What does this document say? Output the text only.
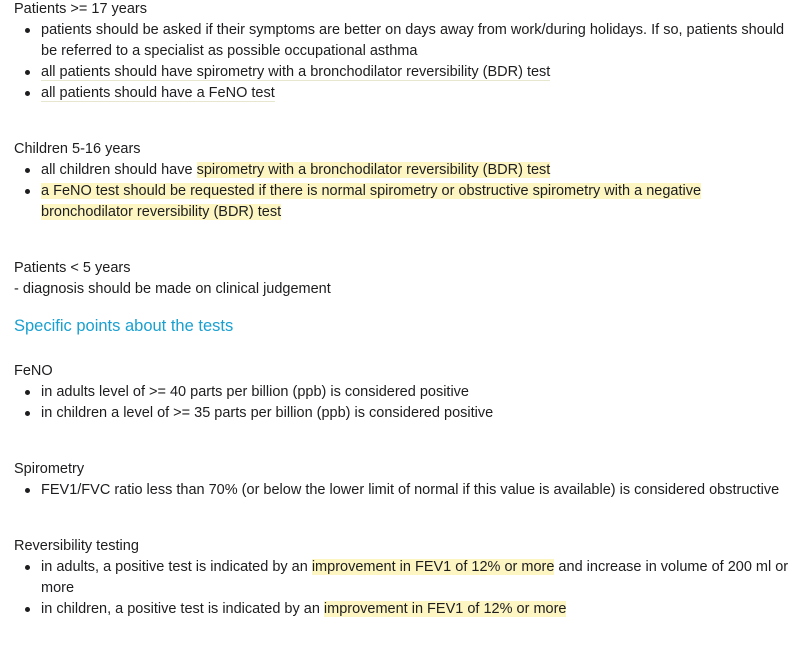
Patients >= 17 years

patients should be asked if their symptoms are better on days away from work/during holidays. If so, patients should be referred to a specialist as possible occupational asthma
all patients should have spirometry with a bronchodilator reversibility (BDR) test
all patients should have a FeNO test

Children 5-16 years

all children should have spirometry with a bronchodilator reversibility (BDR) test
a FeNO test should be requested if there is normal spirometry or obstructive spirometry with a negative bronchodilator reversibility (BDR) test

Patients < 5 years

- diagnosis should be made on clinical judgement

Specific points about the tests

FeNO

in adults level of >= 40 parts per billion (ppb) is considered positive
in children a level of >= 35 parts per billion (ppb) is considered positive

Spirometry

FEV1/FVC ratio less than 70% (or below the lower limit of normal if this value is available) is considered obstructive

Reversibility testing

in adults, a positive test is indicated by an improvement in FEV1 of 12% or more and increase in volume of 200 ml or more
in children, a positive test is indicated by an improvement in FEV1 of 12% or more
